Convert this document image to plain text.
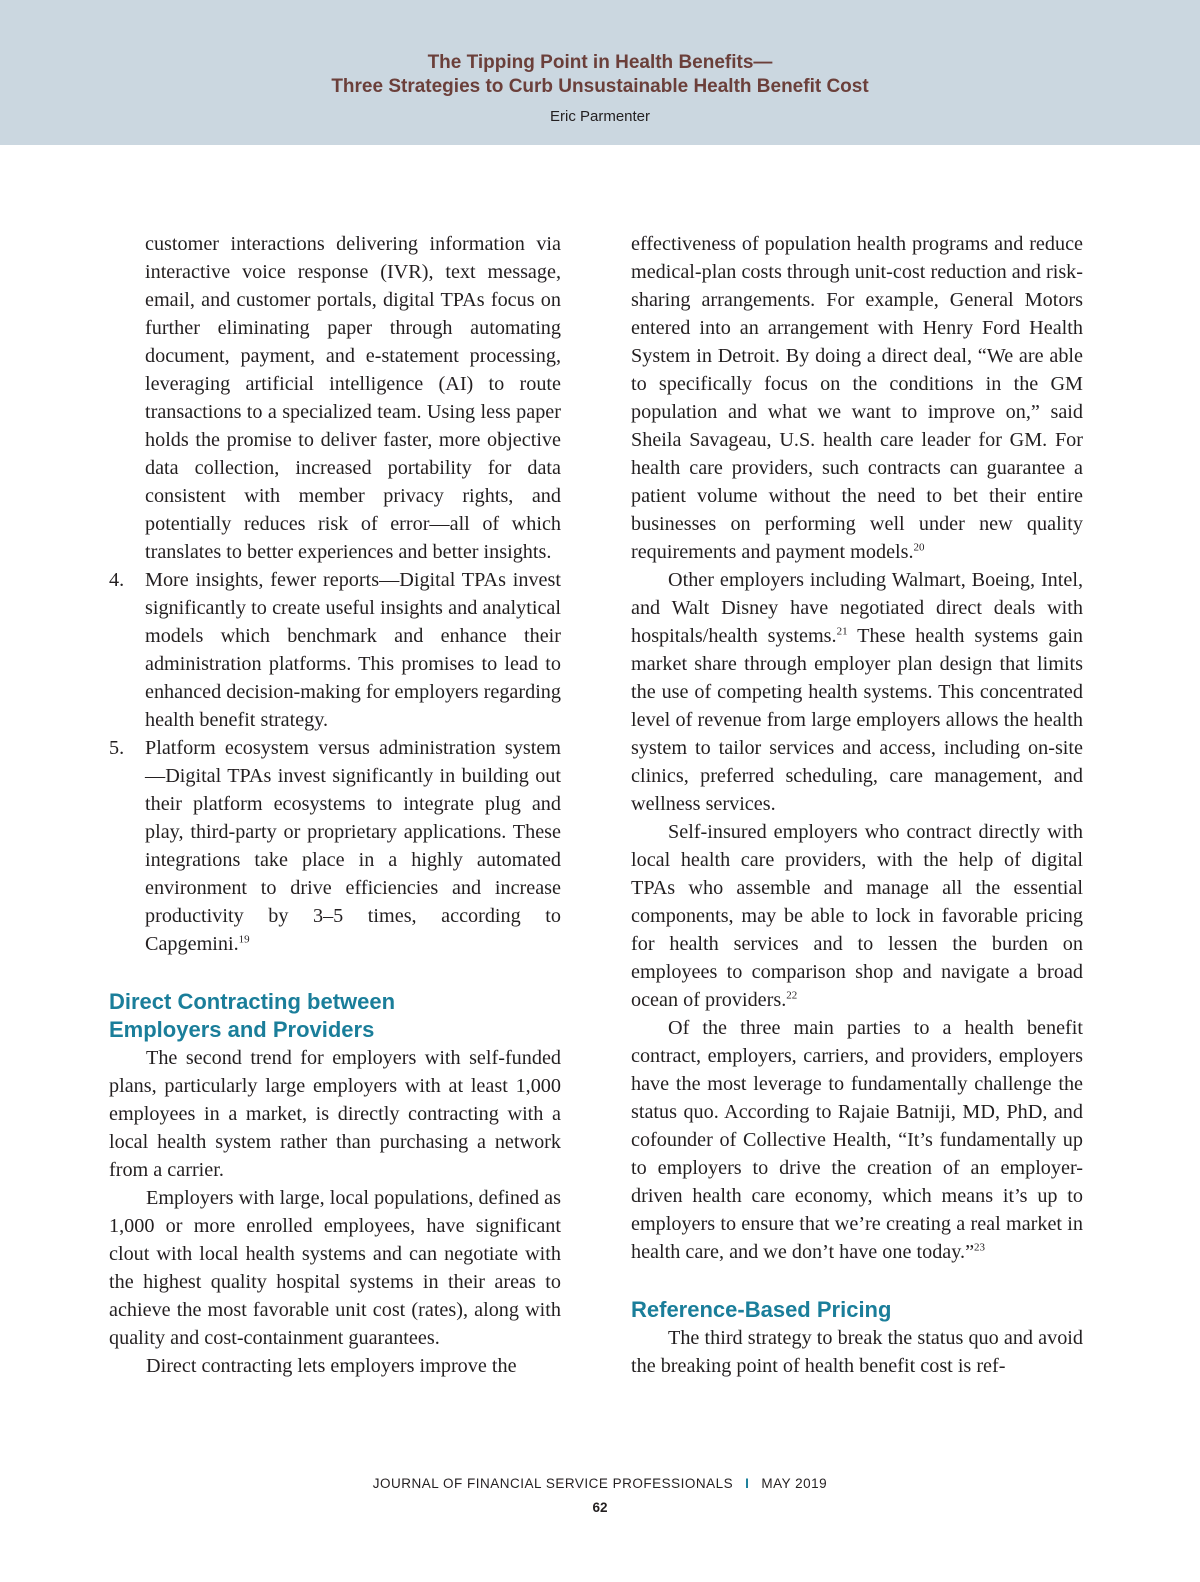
The Tipping Point in Health Benefits—
Three Strategies to Curb Unsustainable Health Benefit Cost
Eric Parmenter

customer interactions delivering information via interactive voice response (IVR), text message, email, and customer portals, digital TPAs focus on further eliminating paper through automating document, payment, and e-statement processing, leveraging artificial intelligence (AI) to route transactions to a specialized team. Using less paper holds the promise to deliver faster, more objective data collection, increased portability for data consistent with member privacy rights, and potentially reduces risk of error—all of which translates to better experiences and better insights.

4. More insights, fewer reports—Digital TPAs invest significantly to create useful insights and analytical models which benchmark and enhance their administration platforms. This promises to lead to enhanced decision-making for employers regarding health benefit strategy.
5. Platform ecosystem versus administration system—Digital TPAs invest significantly in building out their platform ecosystems to integrate plug and play, third-party or proprietary applications. These integrations take place in a highly automated environment to drive efficiencies and increase productivity by 3–5 times, according to Capgemini.$^{19}$
Direct Contracting between
Employers and Providers

The second trend for employers with self-funded plans, particularly large employers with at least 1,000 employees in a market, is directly contracting with a local health system rather than purchasing a network from a carrier.

Employers with large, local populations, defined as 1,000 or more enrolled employees, have significant clout with local health systems and can negotiate with the highest quality hospital systems in their areas to achieve the most favorable unit cost (rates), along with quality and cost-containment guarantees.

Direct contracting lets employers improve the

effectiveness of population health programs and reduce medical-plan costs through unit-cost reduction and risk-sharing arrangements. For example, General Motors entered into an arrangement with Henry Ford Health System in Detroit. By doing a direct deal, “We are able to specifically focus on the conditions in the GM population and what we want to improve on,” said Sheila Savageau, U.S. health care leader for GM. For health care providers, such contracts can guarantee a patient volume without the need to bet their entire businesses on performing well under new quality requirements and payment models.$^{20}$

Other employers including Walmart, Boeing, Intel, and Walt Disney have negotiated direct deals with hospitals/health systems.$^{21}$ These health systems gain market share through employer plan design that limits the use of competing health systems. This concentrated level of revenue from large employers allows the health system to tailor services and access, including on-site clinics, preferred scheduling, care management, and wellness services.

Self-insured employers who contract directly with local health care providers, with the help of digital TPAs who assemble and manage all the essential components, may be able to lock in favorable pricing for health services and to lessen the burden on employees to comparison shop and navigate a broad ocean of providers.$^{22}$

Of the three main parties to a health benefit contract, employers, carriers, and providers, employers have the most leverage to fundamentally challenge the status quo. According to Rajaie Batniji, MD, PhD, and cofounder of Collective Health, “It’s fundamentally up to employers to drive the creation of an employer-driven health care economy, which means it’s up to employers to ensure that we’re creating a real market in health care, and we don’t have one today.”$^{23}$

Reference-Based Pricing

The third strategy to break the status quo and avoid the breaking point of health benefit cost is ref-

JOURNAL OF FINANCIAL SERVICE PROFESSIONALS I MAY 2019
62
